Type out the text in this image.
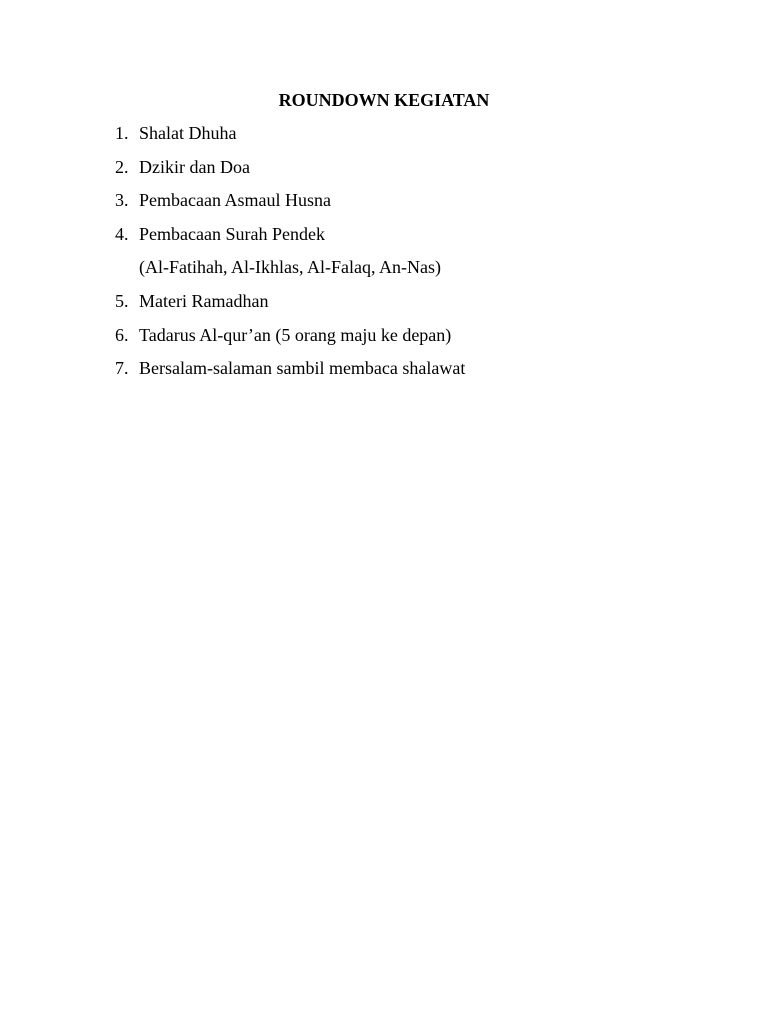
ROUNDOWN KEGIATAN
1. Shalat Dhuha
2. Dzikir dan Doa
3. Pembacaan Asmaul Husna
4. Pembacaan Surah Pendek
(Al-Fatihah, Al-Ikhlas, Al-Falaq, An-Nas)
5. Materi Ramadhan
6. Tadarus Al-qur’an (5 orang maju ke depan)
7. Bersalam-salaman sambil membaca shalawat
